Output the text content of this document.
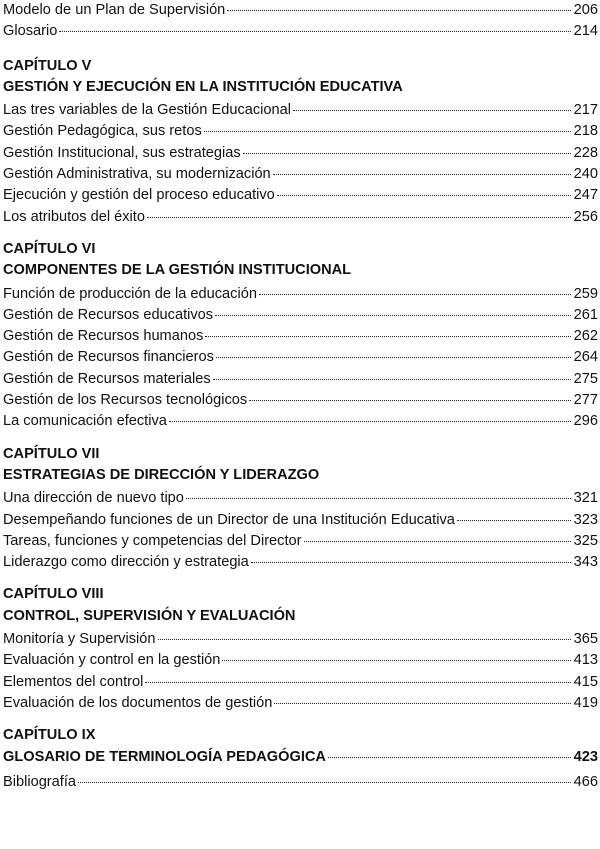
Modelo de un Plan de Supervisión	206
Glosario	214
CAPÍTULO V
GESTIÓN Y EJECUCIÓN EN LA INSTITUCIÓN EDUCATIVA
Las tres variables de la Gestión Educacional	217
Gestión Pedagógica, sus retos	218
Gestión Institucional, sus estrategias	228
Gestión Administrativa, su modernización	240
Ejecución y gestión del proceso educativo	247
Los atributos del éxito	256
CAPÍTULO VI
COMPONENTES DE LA GESTIÓN INSTITUCIONAL
Función de producción de la educación	259
Gestión de Recursos educativos	261
Gestión de Recursos humanos	262
Gestión de Recursos financieros	264
Gestión de Recursos materiales	275
Gestión de los Recursos tecnológicos	277
La comunicación efectiva	296
CAPÍTULO VII
ESTRATEGIAS DE DIRECCIÓN Y LIDERAZGO
Una dirección de nuevo tipo	321
Desempeñando funciones de un Director de una Institución Educativa	323
Tareas, funciones y competencias del Director	325
Liderazgo como dirección y estrategia	343
CAPÍTULO VIII
CONTROL, SUPERVISIÓN Y EVALUACIÓN
Monitoría y Supervisión	365
Evaluación y control en la gestión	413
Elementos del control	415
Evaluación de los documentos de gestión	419
CAPÍTULO IX
GLOSARIO DE TERMINOLOGÍA PEDAGÓGICA	423
Bibliografía	466
